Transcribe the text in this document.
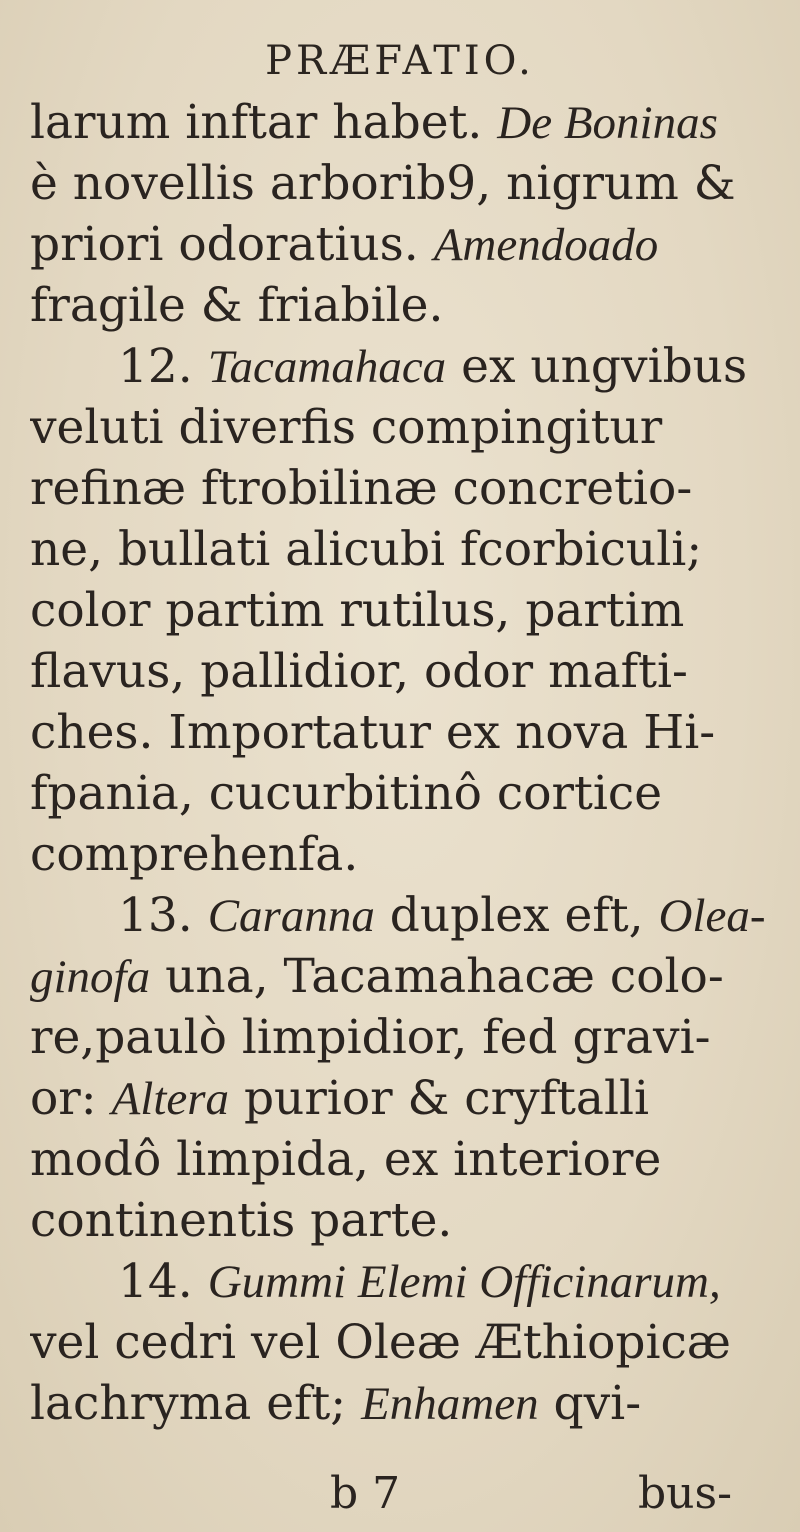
PRÆFATIO.
larum inftar habet. De Boninas
è novellis arborib9, nigrum &
priori odoratius. Amendoado
fragile & friabile.
12. Tacamahaca ex ungvibus
veluti diverfis compingitur
refinæ ftrobilinæ concretio-
ne, bullati alicubi fcorbiculi;
color partim rutilus, partim
flavus, pallidior, odor mafti-
ches. Importatur ex nova Hi-
fpania, cucurbitinô cortice
comprehenfa.
13. Caranna duplex eft, Olea-
ginofa una, Tacamahacæ colo-
re,paulò limpidior, fed gravi-
or: Altera purior & cryftalli
modô limpida, ex interiore
continentis parte.
14. Gummi Elemi Officinarum,
vel cedri vel Oleæ Æthiopicæ
lachryma eft; Enhamen qvi-
b 7	bus-
